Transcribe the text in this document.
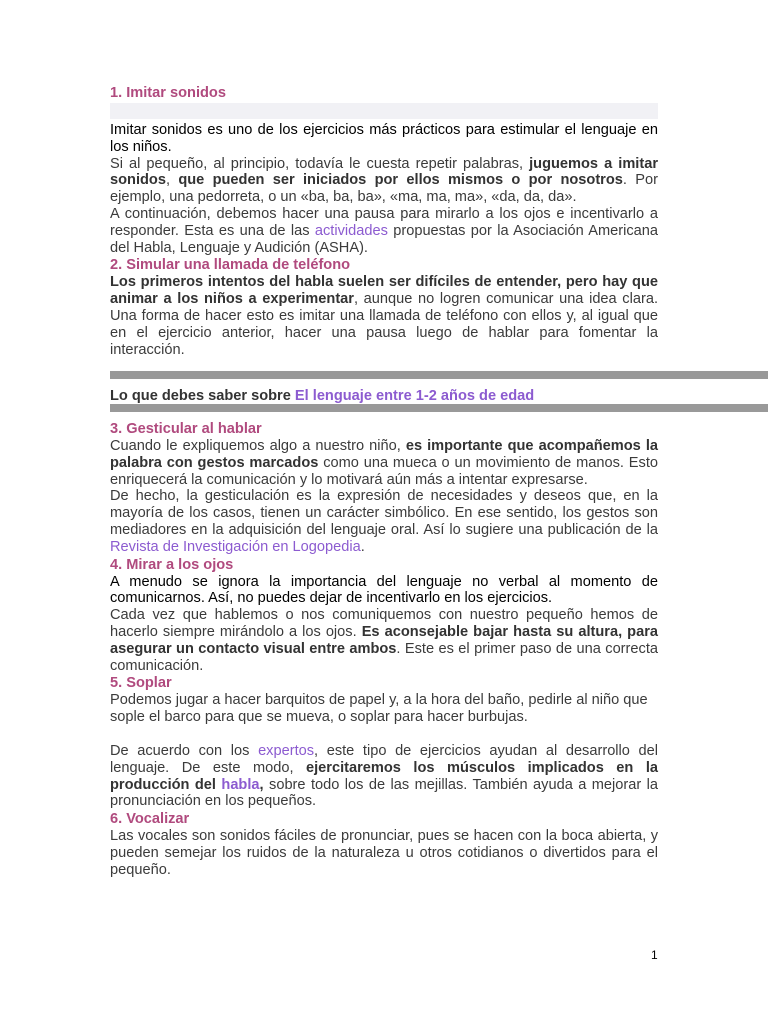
1. Imitar sonidos

Imitar sonidos es uno de los ejercicios más prácticos para estimular el lenguaje en los niños.

Si al pequeño, al principio, todavía le cuesta repetir palabras, juguemos a imitar sonidos, que pueden ser iniciados por ellos mismos o por nosotros. Por ejemplo, una pedorreta, o un «ba, ba, ba», «ma, ma, ma», «da, da, da».

A continuación, debemos hacer una pausa para mirarlo a los ojos e incentivarlo a responder. Esta es una de las actividades propuestas por la Asociación Americana del Habla, Lenguaje y Audición (ASHA).

2. Simular una llamada de teléfono

Los primeros intentos del habla suelen ser difíciles de entender, pero hay que animar a los niños a experimentar, aunque no logren comunicar una idea clara. Una forma de hacer esto es imitar una llamada de teléfono con ellos y, al igual que en el ejercicio anterior, hacer una pausa luego de hablar para fomentar la interacción.

Lo que debes saber sobre El lenguaje entre 1-2 años de edad
3. Gesticular al hablar

Cuando le expliquemos algo a nuestro niño, es importante que acompañemos la palabra con gestos marcados como una mueca o un movimiento de manos. Esto enriquecerá la comunicación y lo motivará aún más a intentar expresarse.

De hecho, la gesticulación es la expresión de necesidades y deseos que, en la mayoría de los casos, tienen un carácter simbólico. En ese sentido, los gestos son mediadores en la adquisición del lenguaje oral. Así lo sugiere una publicación de la Revista de Investigación en Logopedia.

4. Mirar a los ojos

A menudo se ignora la importancia del lenguaje no verbal al momento de comunicarnos. Así, no puedes dejar de incentivarlo en los ejercicios.

Cada vez que hablemos o nos comuniquemos con nuestro pequeño hemos de hacerlo siempre mirándolo a los ojos. Es aconsejable bajar hasta su altura, para asegurar un contacto visual entre ambos. Este es el primer paso de una correcta comunicación.

5. Soplar

Podemos jugar a hacer barquitos de papel y, a la hora del baño, pedirle al niño que sople el barco para que se mueva, o soplar para hacer burbujas.

De acuerdo con los expertos, este tipo de ejercicios ayudan al desarrollo del lenguaje. De este modo, ejercitaremos los músculos implicados en la producción del habla, sobre todo los de las mejillas. También ayuda a mejorar la pronunciación en los pequeños.

6. Vocalizar

Las vocales son sonidos fáciles de pronunciar, pues se hacen con la boca abierta, y pueden semejar los ruidos de la naturaleza u otros cotidianos o divertidos para el pequeño.

1
